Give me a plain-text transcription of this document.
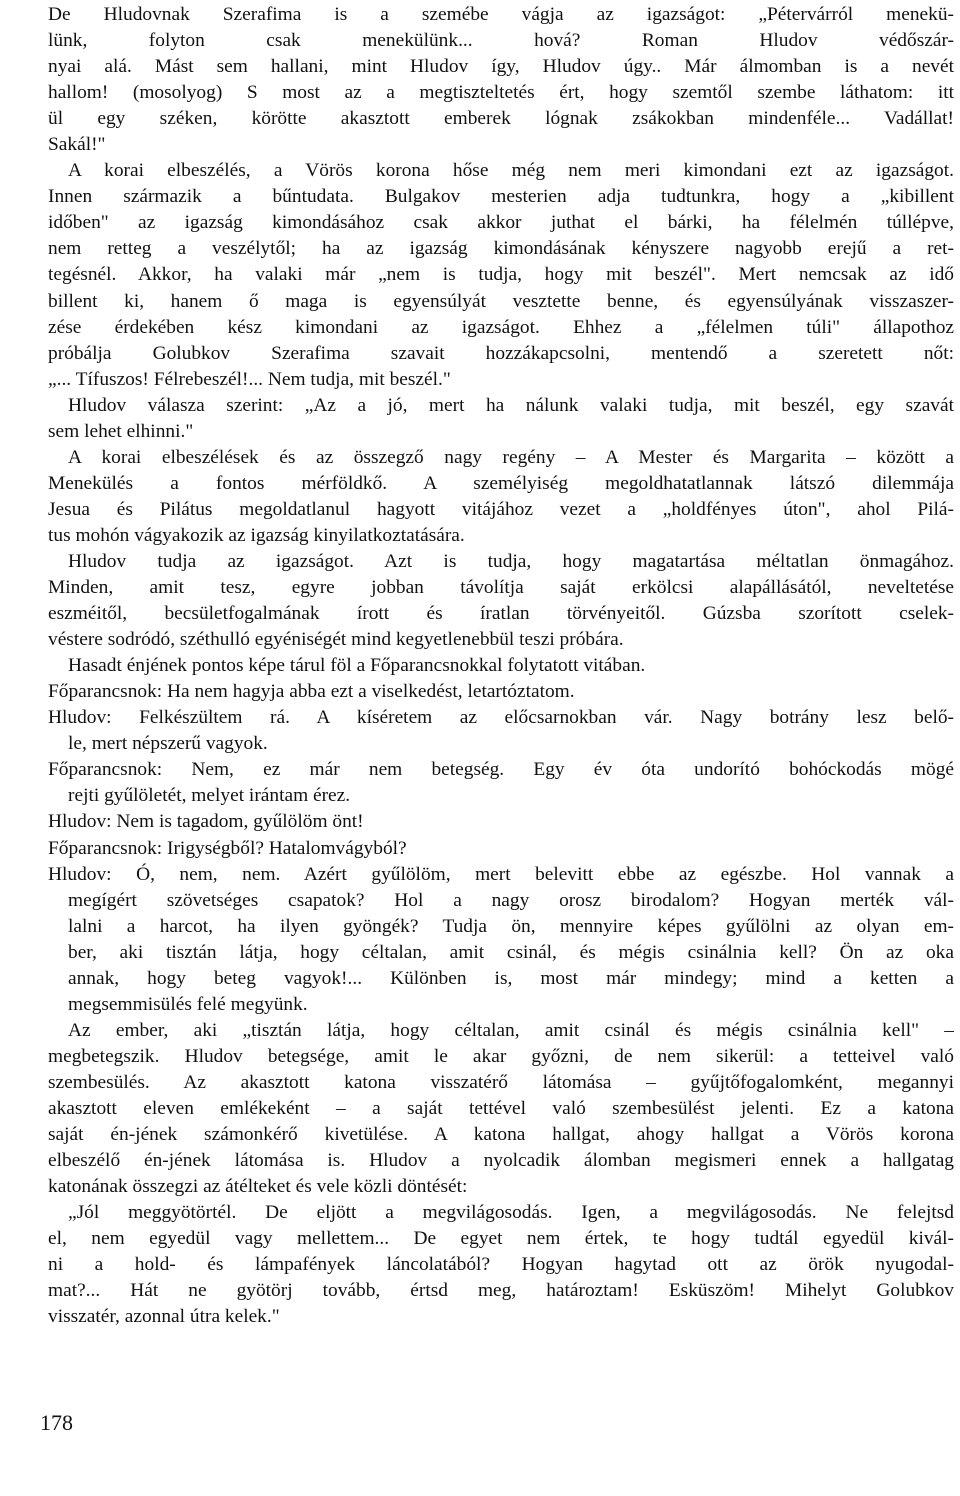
De Hludovnak Szerafima is a szemébe vágja az igazságot: „Pétervárról menekü-
lünk, folyton csak menekülünk... hová? Roman Hludov védőszár-
nyai alá. Mást sem hallani, mint Hludov így, Hludov úgy.. Már álmomban is a nevét
hallom! (mosolyog) S most az a megtiszteltetés ért, hogy szemtől szembe láthatom: itt
ül egy széken, körötte akasztott emberek lógnak zsákokban mindenféle... Vadállat!
Sakál!"
A korai elbeszélés, a Vörös korona hőse még nem meri kimondani ezt az igazságot.
Innen származik a bűntudata. Bulgakov mesterien adja tudtunkra, hogy a „kibillent
időben" az igazság kimondásához csak akkor juthat el bárki, ha félelmén túllépve,
nem retteg a veszélytől; ha az igazság kimondásának kényszere nagyobb erejű a ret-
tegésnél. Akkor, ha valaki már „nem is tudja, hogy mit beszél". Mert nemcsak az idő
billent ki, hanem ő maga is egyensúlyát vesztette benne, és egyensúlyának visszaszer-
zése érdekében kész kimondani az igazságot. Ehhez a „félelmen túli" állapothoz
próbálja Golubkov Szerafima szavait hozzákapcsolni, mentendő a szeretett nőt:
„... Tífuszos! Félrebeszél!... Nem tudja, mit beszél."
Hludov válasza szerint: „Az a jó, mert ha nálunk valaki tudja, mit beszél, egy szavát
sem lehet elhinni."
A korai elbeszélések és az összegző nagy regény – A Mester és Margarita – között a
Menekülés a fontos mérföldkő. A személyiség megoldhatatlannak látszó dilemmája
Jesua és Pilátus megoldatlanul hagyott vitájához vezet a „holdfényes úton", ahol Pilá-
tus mohón vágyakozik az igazság kinyilatkoztatására.
Hludov tudja az igazságot. Azt is tudja, hogy magatartása méltatlan önmagához.
Minden, amit tesz, egyre jobban távolítja saját erkölcsi alapállásától, neveltetése
eszméitől, becsületfogalmának írott és íratlan törvényeitől. Gúzsba szorított cselek-
véstere sodródó, széthulló egyéniségét mind kegyetlenebbül teszi próbára.
Hasadt énjének pontos képe tárul föl a Főparancsnokkal folytatott vitában.
Főparancsnok: Ha nem hagyja abba ezt a viselkedést, letartóztatom.
Hludov: Felkészültem rá. A kíséretem az előcsarnokban vár. Nagy botrány lesz belő-
le, mert népszerű vagyok.
Főparancsnok: Nem, ez már nem betegség. Egy év óta undorító bohóckodás mögé
rejti gyűlöletét, melyet irántam érez.
Hludov: Nem is tagadom, gyűlölöm önt!
Főparancsnok: Irigységből? Hatalomvágyból?
Hludov: Ó, nem, nem. Azért gyűlölöm, mert belevitt ebbe az egészbe. Hol vannak a
megígért szövetséges csapatok? Hol a nagy orosz birodalom? Hogyan merték vál-
lalni a harcot, ha ilyen gyöngék? Tudja ön, mennyire képes gyűlölni az olyan em-
ber, aki tisztán látja, hogy céltalan, amit csinál, és mégis csinálnia kell? Ön az oka
annak, hogy beteg vagyok!... Különben is, most már mindegy; mind a ketten a
megsemmisülés felé megyünk.
Az ember, aki „tisztán látja, hogy céltalan, amit csinál és mégis csinálnia kell" –
megbetegszik. Hludov betegsége, amit le akar győzni, de nem sikerül: a tetteivel való
szembesülés. Az akasztott katona visszatérő látomása – gyűjtőfogalomként, megannyi
akasztott eleven emlékeként – a saját tettével való szembesülést jelenti. Ez a katona
saját én-jének számonkérő kivetülése. A katona hallgat, ahogy hallgat a Vörös korona
elbeszélő én-jének látomása is. Hludov a nyolcadik álomban megismeri ennek a hallgatag
katonának összegzi az átélteket és vele közli döntését:
„Jól meggyötörtél. De eljött a megvilágosodás. Igen, a megvilágosodás. Ne felejtsd
el, nem egyedül vagy mellettem... De egyet nem értek, te hogy tudtál egyedül kivál-
ni a hold- és lámpafények láncolatából? Hogyan hagytad ott az örök nyugodal-
mat?... Hát ne gyötörj tovább, értsd meg, határoztam! Esküszöm! Mihelyt Golubkov
visszatér, azonnal útra kelek."
178
